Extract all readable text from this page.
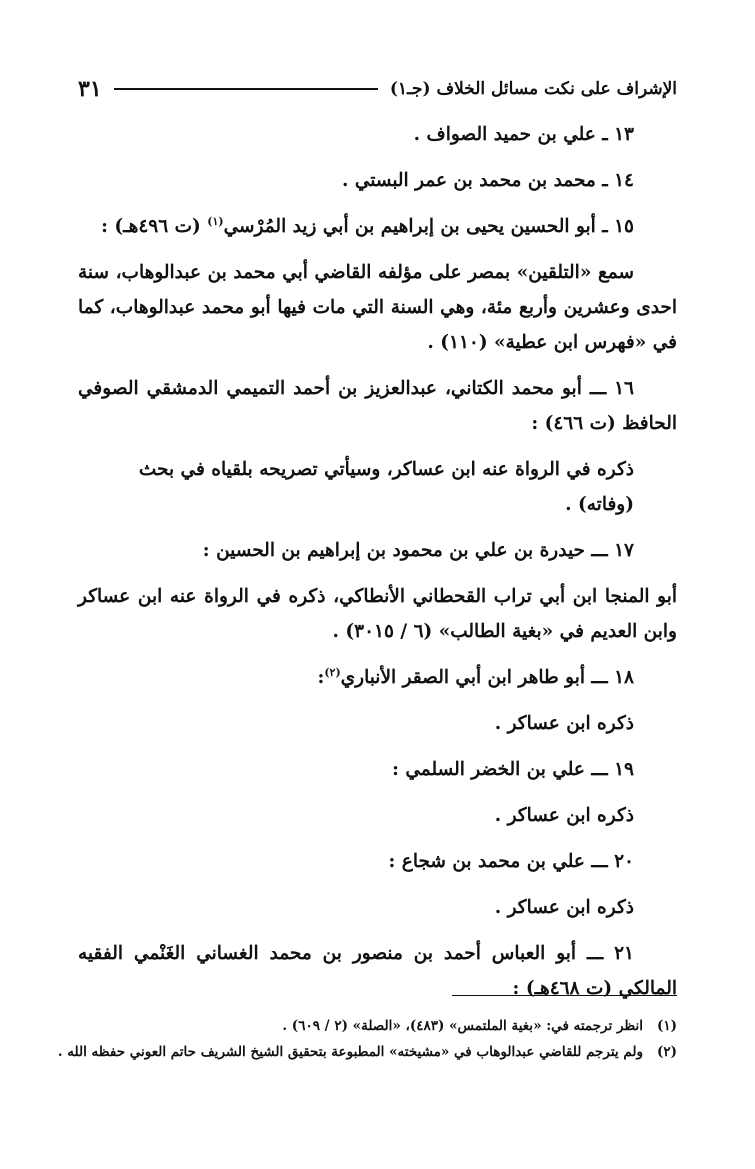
الإشراف على نكت مسائل الخلاف (جـ١)
٣١
١٣ ـ علي بن حميد الصواف .
١٤ ـ محمد بن محمد بن عمر البستي .
١٥ ـ أبو الحسين يحيى بن إبراهيم بن أبي زيد المُرْسي$^{(١)}$ (ت ٤٩٦هـ) :
سمع «التلقين» بمصر على مؤلفه القاضي أبي محمد بن عبدالوهاب، سنة احدى وعشرين وأربع مئة، وهي السنة التي مات فيها أبو محمد عبدالوهاب، كما في «فهرس ابن عطية» (١١٠) .
١٦ ـــ أبو محمد الكتاني، عبدالعزيز بن أحمد التميمي الدمشقي الصوفي الحافظ (ت ٤٦٦) :
ذكره في الرواة عنه ابن عساكر، وسيأتي تصريحه بلقياه في بحث (وفاته) .
١٧ ـــ حيدرة بن علي بن محمود بن إبراهيم بن الحسين :
أبو المنجا ابن أبي تراب القحطاني الأنطاكي، ذكره في الرواة عنه ابن عساكر وابن العديم في «بغية الطالب» (٦ / ٣٠١٥) .
١٨ ـــ أبو طاهر ابن أبي الصقر الأنباري$^{(٢)}$:
ذكره ابن عساكر .
١٩ ـــ علي بن الخضر السلمي :
ذكره ابن عساكر .
٢٠ ـــ علي بن محمد بن شجاع :
ذكره ابن عساكر .
٢١ ـــ أبو العباس أحمد بن منصور بن محمد الغساني الغَنْمي الفقيه المالكي (ت ٤٦٨هـ) :
(١)
انظر ترجمته في: «بغية الملتمس» (٤٨٣)، «الصلة» (٢ / ٦٠٩) .
(٢)
ولم يترجم للقاضي عبدالوهاب في «مشيخته» المطبوعة بتحقيق الشيخ الشريف حاتم العوني حفظه الله .
